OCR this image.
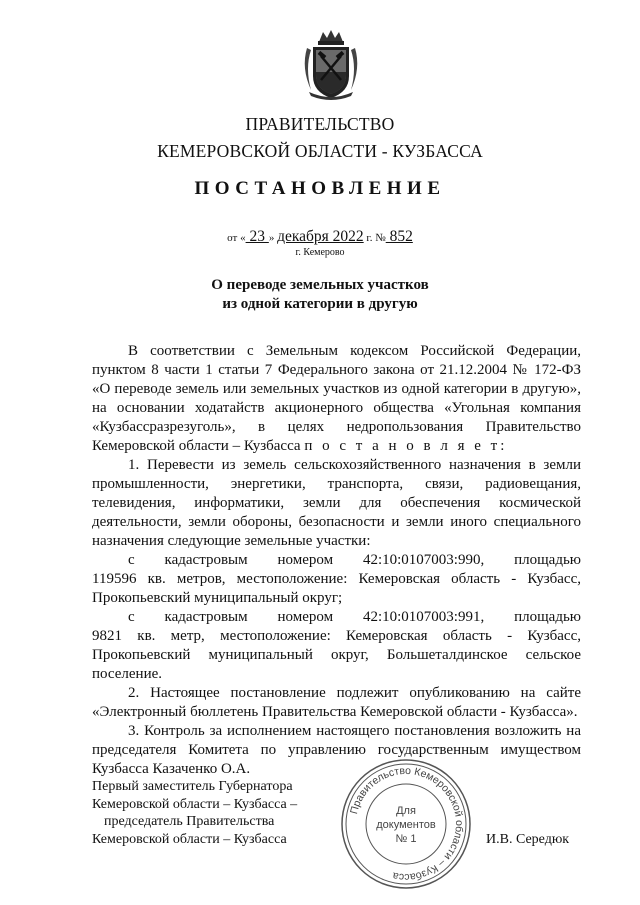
ПРАВИТЕЛЬСТВО
КЕМЕРОВСКОЙ ОБЛАСТИ - КУЗБАССА
ПОСТАНОВЛЕНИЕ
от « 23 » декабря 2022 г. № 852
г. Кемерово
О переводе земельных участков
из одной категории в другую
В соответствии с Земельным кодексом Российской Федерации, пунктом 8 части 1 статьи 7 Федерального закона от 21.12.2004 № 172-ФЗ «О переводе земель или земельных участков из одной категории в другую», на основании ходатайств акционерного общества «Угольная компания «Кузбассразрезуголь», в целях недропользования Правительство Кемеровской области – Кузбасса п о с т а н о в л я е т:
1. Перевести из земель сельскохозяйственного назначения в земли промышленности, энергетики, транспорта, связи, радиовещания, телевидения, информатики, земли для обеспечения космической деятельности, земли обороны, безопасности и земли иного специального назначения следующие земельные участки:
с кадастровым номером 42:10:0107003:990, площадью
119596 кв. метров, местоположение: Кемеровская область - Кузбасс, Прокопьевский муниципальный округ;
с кадастровым номером 42:10:0107003:991, площадью
9821 кв. метр, местоположение: Кемеровская область - Кузбасс, Прокопьевский муниципальный округ, Большеталдинское сельское поселение.
2. Настоящее постановление подлежит опубликованию на сайте «Электронный бюллетень Правительства Кемеровской области - Кузбасса».
3. Контроль за исполнением настоящего постановления возложить на председателя Комитета по управлению государственным имуществом Кузбасса Казаченко О.А.
Первый заместитель Губернатора
Кемеровской области – Кузбасса –
председатель Правительства
Кемеровской области – Кузбасса
Правительство Кемеровской области – Кузбасса
Для
документов
№ 1	И.В. Середюк
